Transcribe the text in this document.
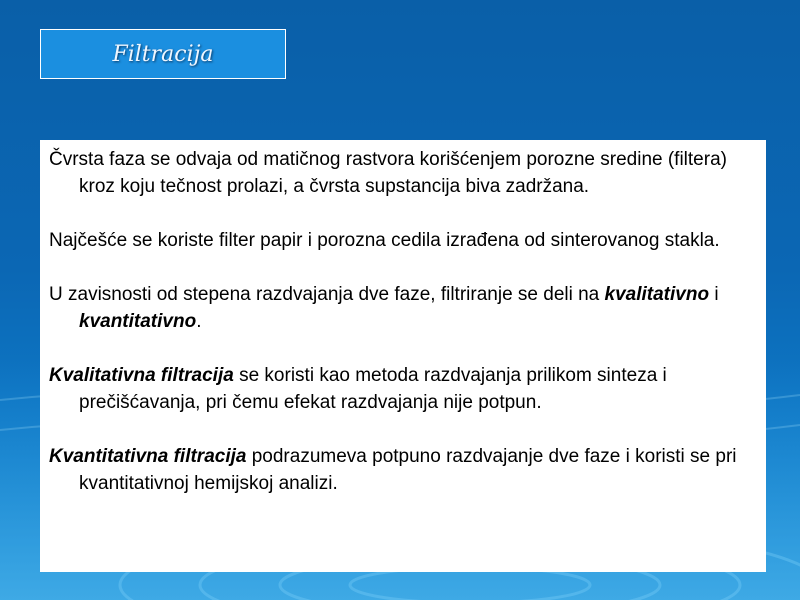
Filtracija

Čvrsta faza se odvaja od matičnog rastvora korišćenjem porozne sredine (filtera) kroz koju tečnost prolazi, a čvrsta supstancija biva zadržana.

Najčešće se koriste filter papir i porozna cedila izrađena od sinterovanog stakla.

U zavisnosti od stepena razdvajanja dve faze, filtriranje se deli na kvalitativno i kvantitativno.

Kvalitativna filtracija se koristi kao metoda razdvajanja prilikom sinteza i prečišćavanja, pri čemu efekat razdvajanja nije potpun.

Kvantitativna filtracija podrazumeva potpuno razdvajanje dve faze i koristi se pri kvantitativnoj hemijskoj analizi.
